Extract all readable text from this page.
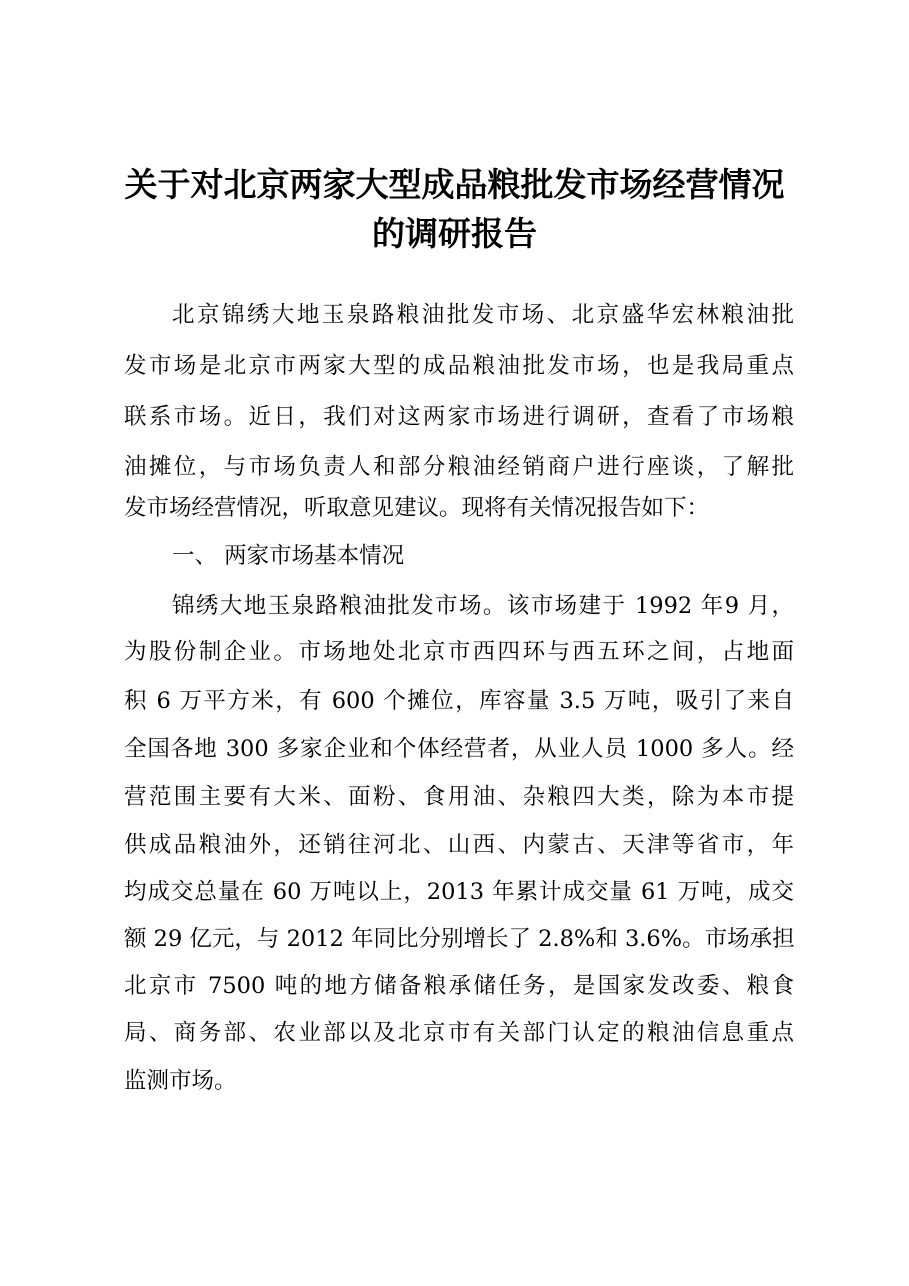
关于对北京两家大型成品粮批发市场经营情况
的调研报告
北京锦绣大地玉泉路粮油批发市场、北京盛华宏林粮油批
发市场是北京市两家大型的成品粮油批发市场，也是我局重点
联系市场。近日，我们对这两家市场进行调研，查看了市场粮
油摊位，与市场负责人和部分粮油经销商户进行座谈，了解批
发市场经营情况，听取意见建议。现将有关情况报告如下：
一、 两家市场基本情况
锦绣大地玉泉路粮油批发市场。该市场建于 1992 年9 月，
为股份制企业。市场地处北京市西四环与西五环之间，占地面
积 6 万平方米，有 600 个摊位，库容量 3.5 万吨，吸引了来自
全国各地 300 多家企业和个体经营者，从业人员 1000 多人。经
营范围主要有大米、面粉、食用油、杂粮四大类，除为本市提
供成品粮油外，还销往河北、山西、内蒙古、天津等省市，年
均成交总量在 60 万吨以上，2013 年累计成交量 61 万吨，成交
额 29 亿元，与 2012 年同比分别增长了 2.8%和 3.6%。市场承担
北京市 7500 吨的地方储备粮承储任务，是国家发改委、粮食
局、商务部、农业部以及北京市有关部门认定的粮油信息重点
监测市场。
